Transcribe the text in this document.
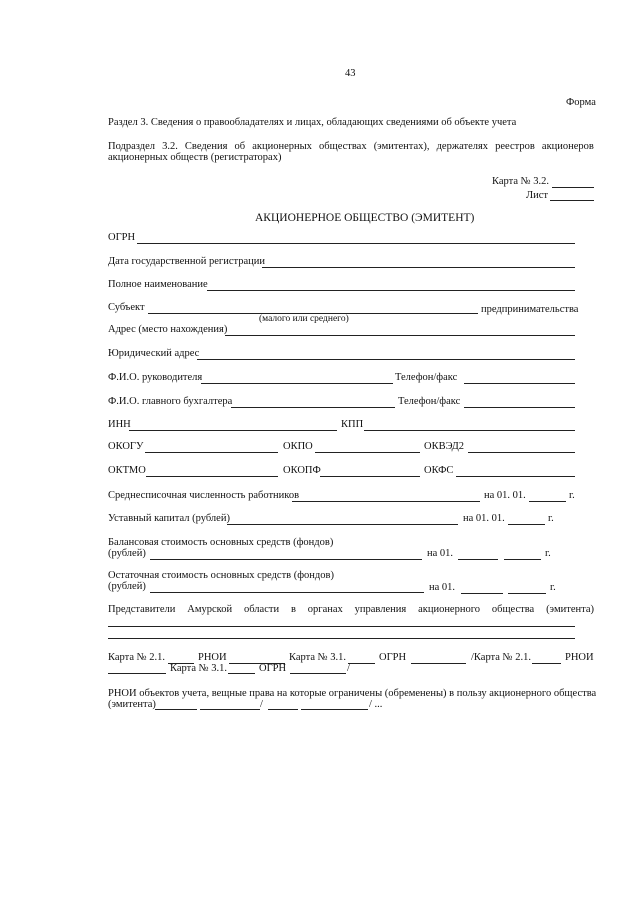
43
Форма
Раздел 3. Сведения о правообладателях и лицах, обладающих сведениями об объекте учета
Подраздел 3.2. Сведения об акционерных обществах (эмитентах), держателях реестров акционеров
акционерных обществ (регистраторах)
Карта № 3.2.
Лист
АКЦИОНЕРНОЕ ОБЩЕСТВО (ЭМИТЕНТ)
ОГРН
Дата государственной регистрации
Полное наименование
Субъект	предпринимательства
(малого или среднего)
Адрес (место нахождения)
Юридический адрес
Ф.И.О. руководителя	Телефон/факс
Ф.И.О. главного бухгалтера	Телефон/факс
ИНН	КПП
ОКОГУ	ОКПО	ОКВЭД2
ОКТМО	ОКОПФ	ОКФС
Среднесписочная численность работников	на 01. 01.	г.
Уставный капитал (рублей)	на 01. 01.	г.
Балансовая стоимость основных средств (фондов)
(рублей)	на 01.	г.
Остаточная стоимость основных средств (фондов)
(рублей)	на 01.	г.
Представители Амурской области в органах управления акционерного общества (эмитента)
Карта № 2.1.	РНОИ	Карта № 3.1.	ОГРН	/Карта № 2.1.	РНОИ
Карта № 3.1.	ОГРН	/
РНОИ объектов учета, вещные права на которые ограничены (обременены) в пользу акционерного общества
(эмитента)	/	/ ...
